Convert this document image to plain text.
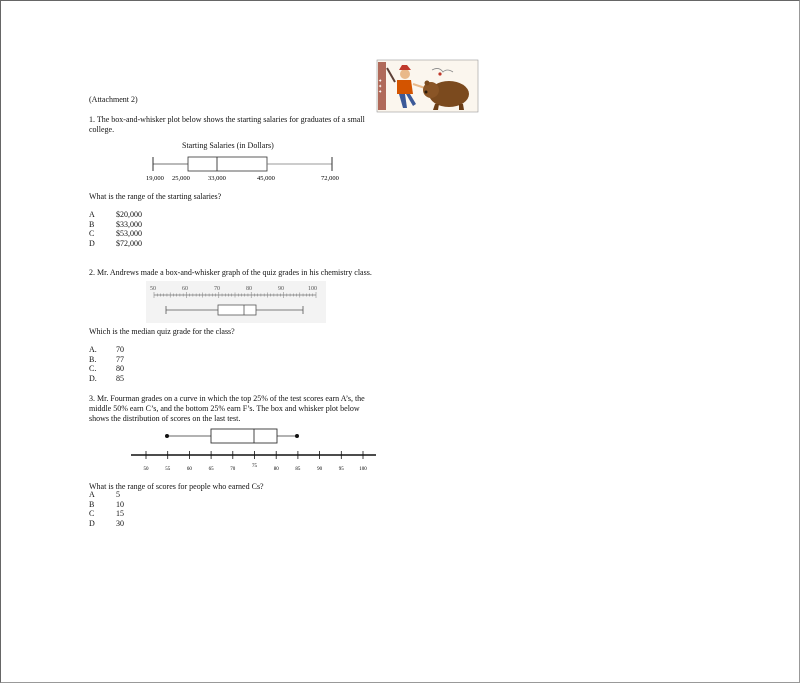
✦ ✦ ✦
(Attachment 2)
1. The box-and-whisker plot below shows the starting salaries for graduates of a small
college.
Starting Salaries (in Dollars)
19,000 25,000	33,000	45,000	72,000
What is the range of the starting salaries?
A	$20,000
B	$33,000
C	$53,000
D	$72,000
2. Mr. Andrews made a box-and-whisker graph of the quiz grades in his chemistry class.
50	60	70	80	90	100
Which is the median quiz grade for the class?
A. 70
B. 77
C. 80
D. 85
3. Mr. Fourman grades on a curve in which the top 25% of the test scores earn A’s, the
middle 50% earn C’s, and the bottom 25% earn F’s. The box and whisker plot below
shows the distribution of scores on the last test.
50	55	60	65	70
75
80	85	90	95	100
What is the range of scores for people who earned Cs?
A	5
B	10
C	15
D	30
